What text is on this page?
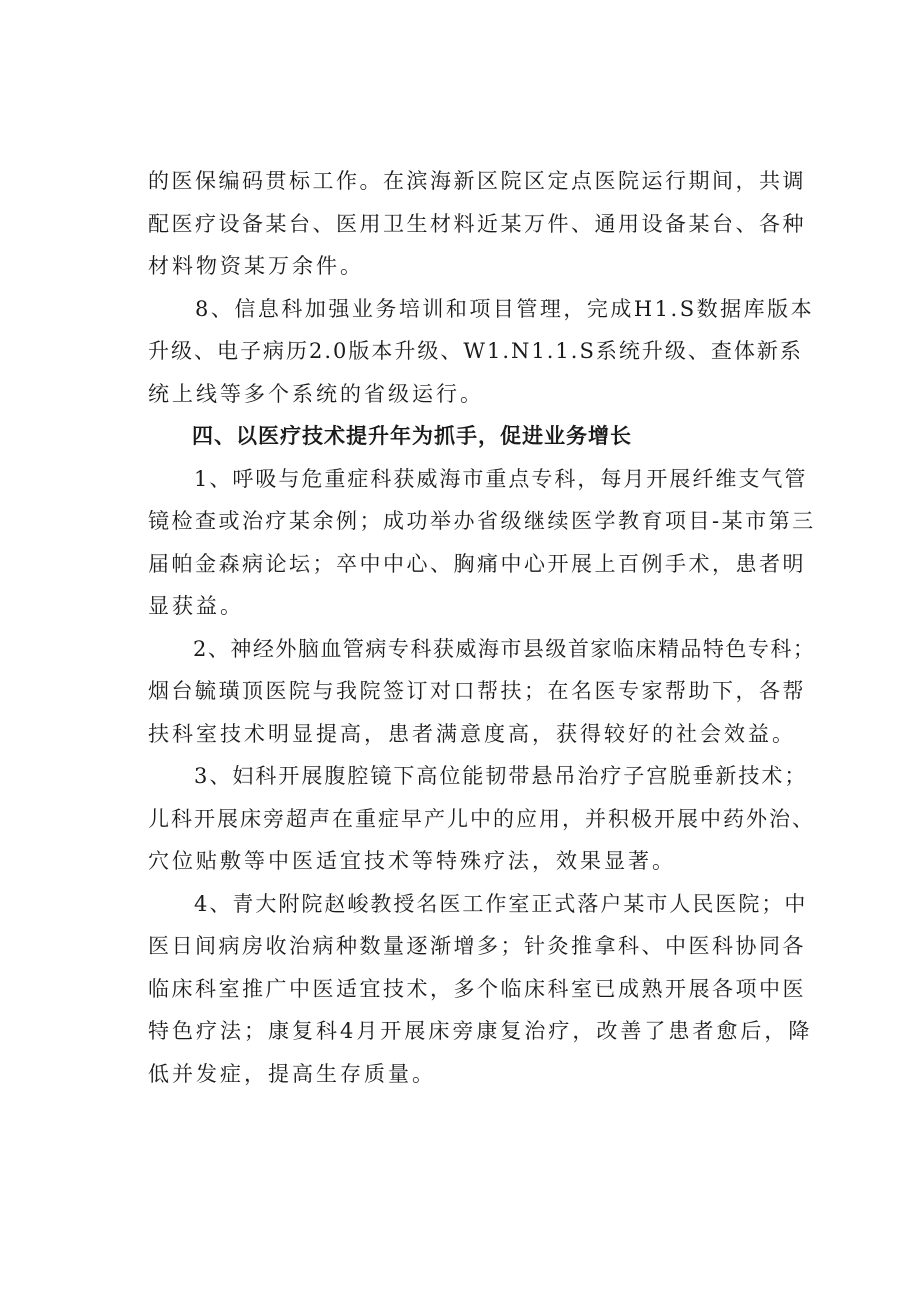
的医保编码贯标工作。在滨海新区院区定点医院运行期间，共调
配医疗设备某台、医用卫生材料近某万件、通用设备某台、各种
材料物资某万余件。
　　8、信息科加强业务培训和项目管理，完成H1.S数据库版本
升级、电子病历2.0版本升级、W1.N1.1.S系统升级、查体新系
统上线等多个系统的省级运行。
　　四、以医疗技术提升年为抓手，促进业务增长
　　1、呼吸与危重症科获威海市重点专科，每月开展纤维支气管
镜检查或治疗某余例；成功举办省级继续医学教育项目-某市第三
届帕金森病论坛；卒中中心、胸痛中心开展上百例手术，患者明
显获益。
　　2、神经外脑血管病专科获威海市县级首家临床精品特色专科；
烟台毓璜顶医院与我院签订对口帮扶；在名医专家帮助下，各帮
扶科室技术明显提高，患者满意度高，获得较好的社会效益。
　　3、妇科开展腹腔镜下高位能韧带悬吊治疗子宫脱垂新技术；
儿科开展床旁超声在重症早产儿中的应用，并积极开展中药外治、
穴位贴敷等中医适宜技术等特殊疗法，效果显著。
　　4、青大附院赵峻教授名医工作室正式落户某市人民医院；中
医日间病房收治病种数量逐渐增多；针灸推拿科、中医科协同各
临床科室推广中医适宜技术，多个临床科室已成熟开展各项中医
特色疗法；康复科4月开展床旁康复治疗，改善了患者愈后，降
低并发症，提高生存质量。
